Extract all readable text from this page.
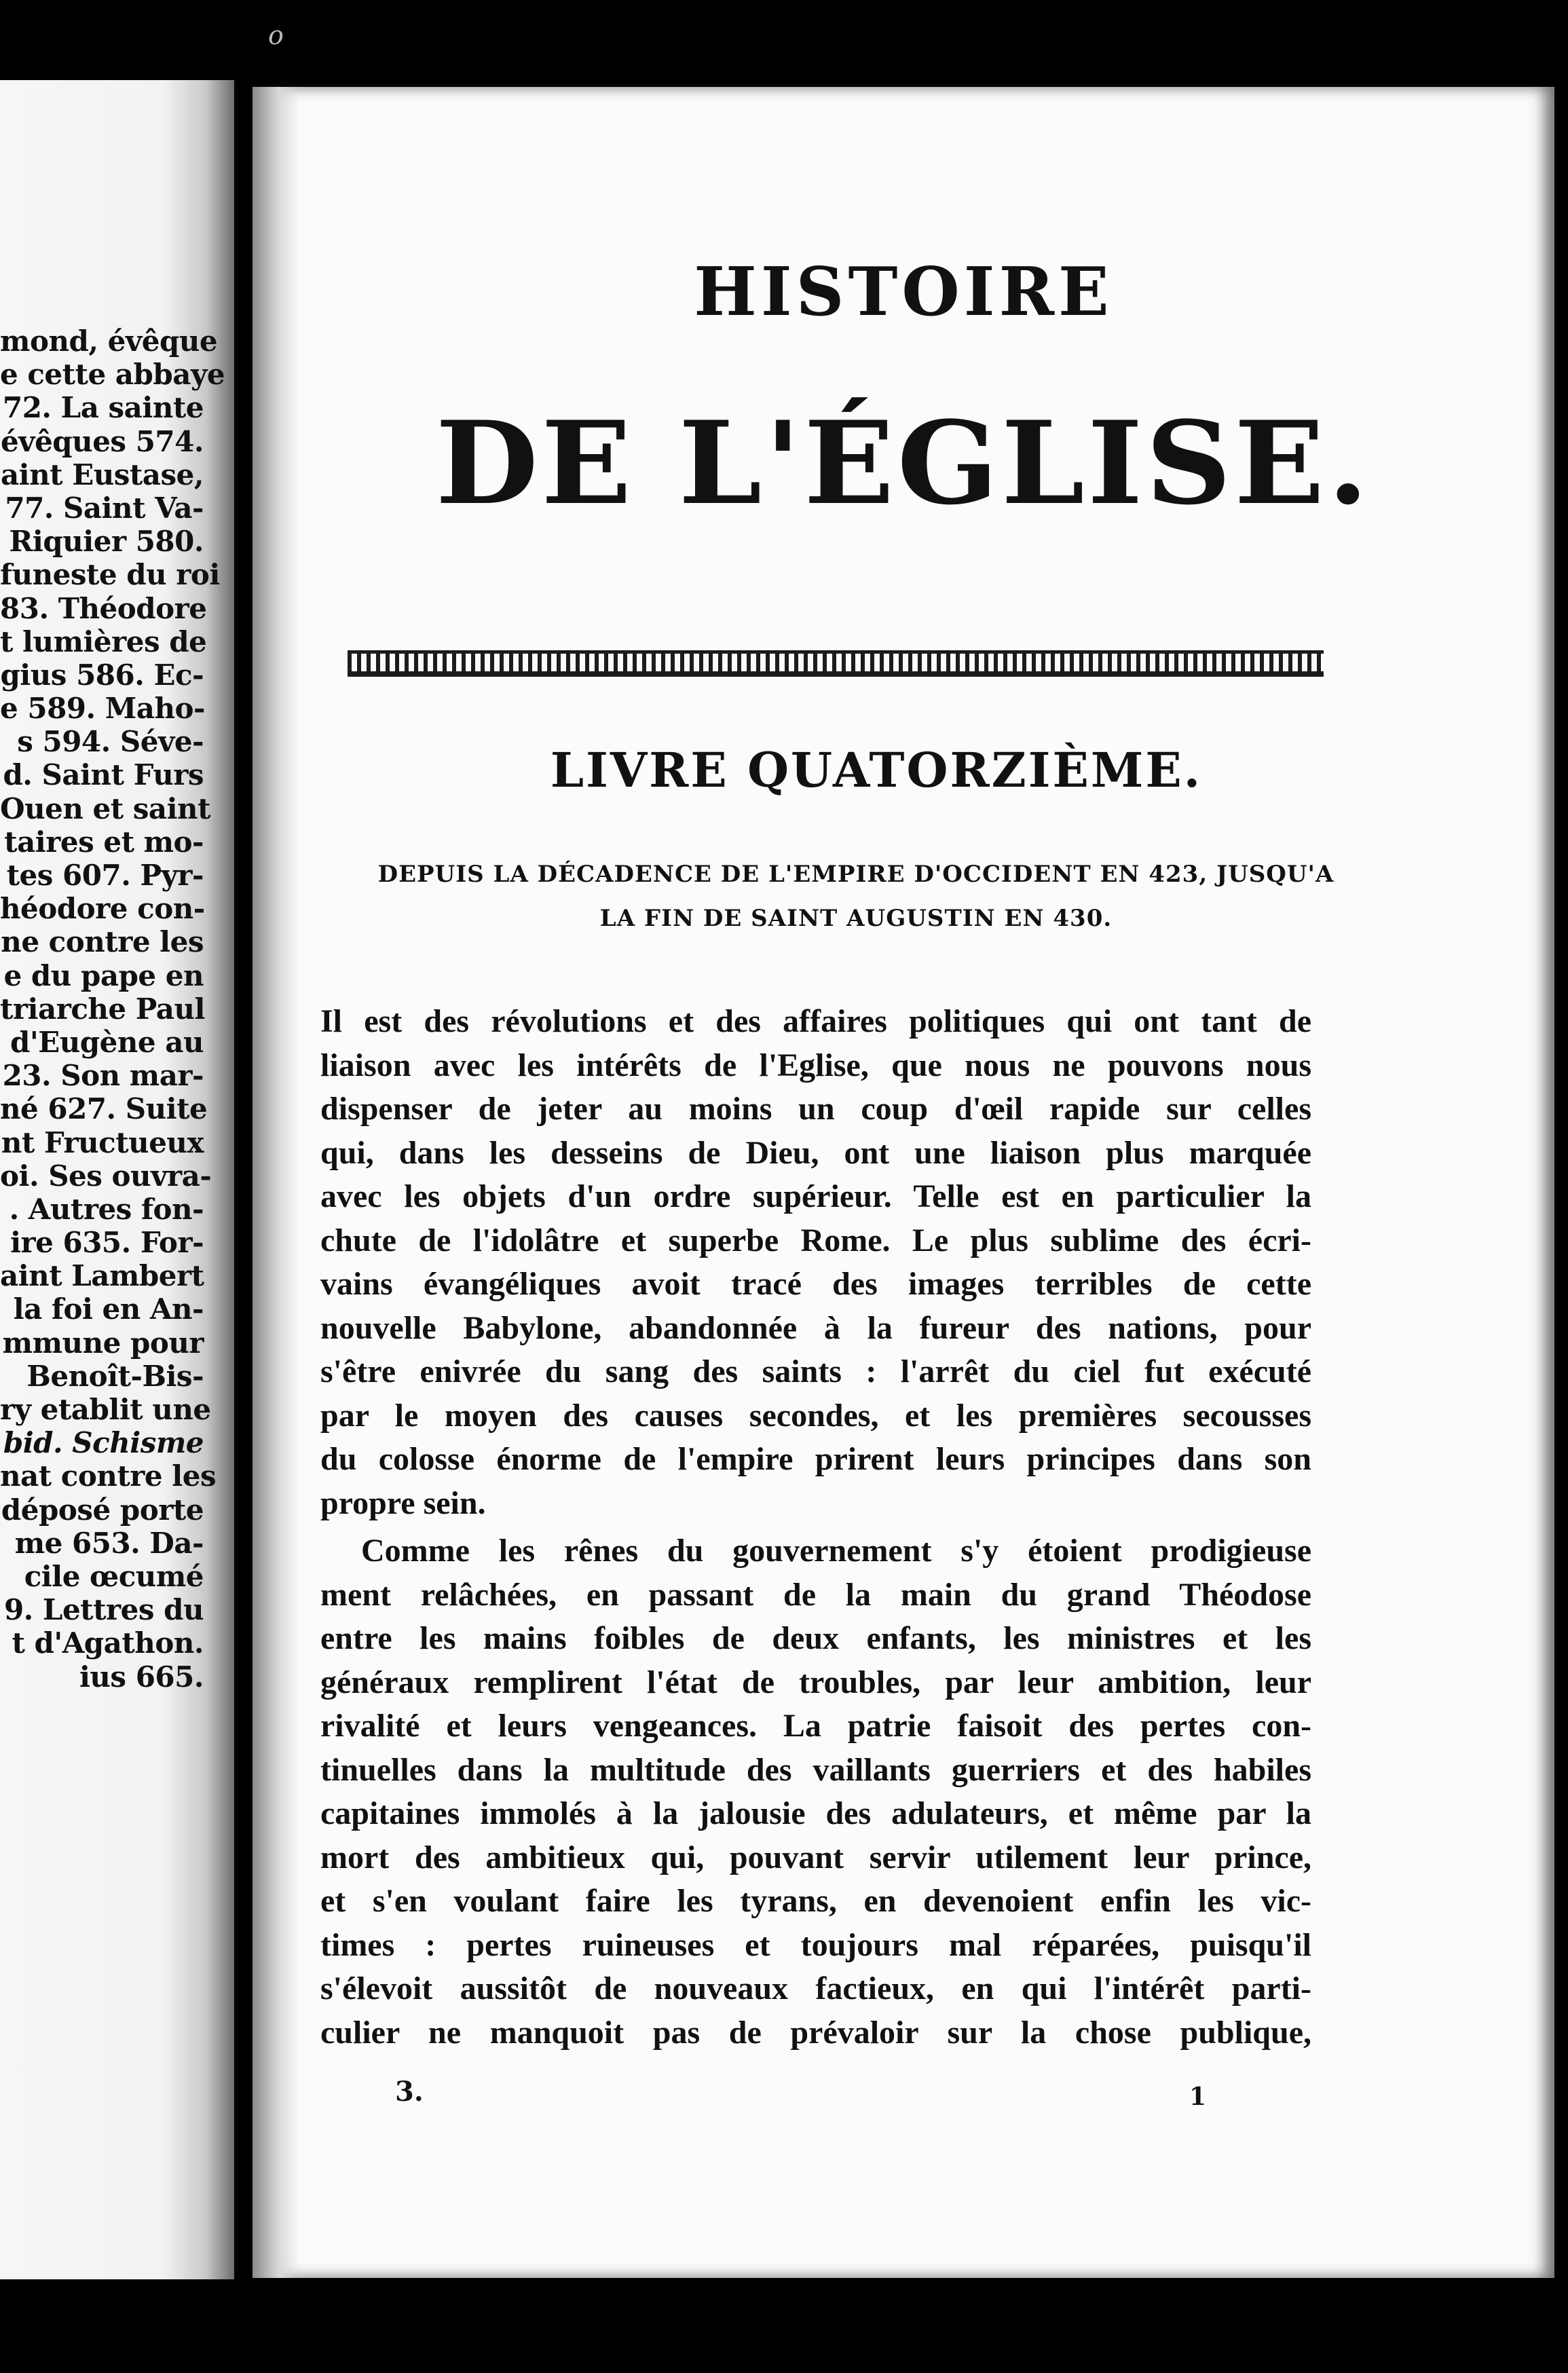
o
mond, évêque
e cette abbaye
72. La sainte
évêques 574.
aint Eustase,
77. Saint Va-
Riquier 580.
funeste du roi
83. Théodore
t lumières de
gius 586. Ec-
e 589. Maho-
s 594. Séve-
d. Saint Furs
Ouen et saint
taires et mo-
tes 607. Pyr-
héodore con-
ne contre les
e du pape en
triarche Paul
d'Eugène au
23. Son mar-
né 627. Suite
nt Fructueux
oi. Ses ouvra-
. Autres fon-
ire 635. For-
aint Lambert
la foi en An-
mmune pour
Benoît-Bis-
ry etablit une
bid. Schisme
nat contre les
déposé porte
me 653. Da-
cile œcumé
9. Lettres du
t d'Agathon.
ius 665.
HISTOIRE
DE L'ÉGLISE.
LIVRE QUATORZIÈME.
DEPUIS LA DÉCADENCE DE L'EMPIRE D'OCCIDENT EN 423, JUSQU'A
LA FIN DE SAINT AUGUSTIN EN 430.
Il est des révolutions et des affaires politiques qui ont tant de
liaison avec les intérêts de l'Eglise, que nous ne pouvons nous
dispenser de jeter au moins un coup d'œil rapide sur celles
qui, dans les desseins de Dieu, ont une liaison plus marquée
avec les objets d'un ordre supérieur. Telle est en particulier la
chute de l'idolâtre et superbe Rome. Le plus sublime des écri-
vains évangéliques avoit tracé des images terribles de cette
nouvelle Babylone, abandonnée à la fureur des nations, pour
s'être enivrée du sang des saints : l'arrêt du ciel fut exécuté
par le moyen des causes secondes, et les premières secousses
du colosse énorme de l'empire prirent leurs principes dans son
propre sein.
Comme les rênes du gouvernement s'y étoient prodigieuse
ment relâchées, en passant de la main du grand Théodose
entre les mains foibles de deux enfants, les ministres et les
généraux remplirent l'état de troubles, par leur ambition, leur
rivalité et leurs vengeances. La patrie faisoit des pertes con-
tinuelles dans la multitude des vaillants guerriers et des habiles
capitaines immolés à la jalousie des adulateurs, et même par la
mort des ambitieux qui, pouvant servir utilement leur prince,
et s'en voulant faire les tyrans, en devenoient enfin les vic-
times : pertes ruineuses et toujours mal réparées, puisqu'il
s'élevoit aussitôt de nouveaux factieux, en qui l'intérêt parti-
culier ne manquoit pas de prévaloir sur la chose publique,
3.	1
